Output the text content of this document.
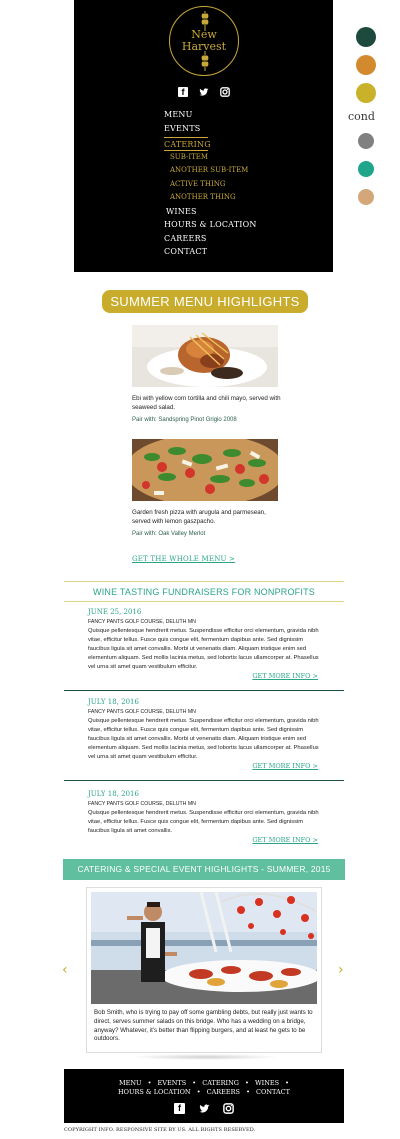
New
Harvest
f
MENU
EVENTS
CATERING
SUB-ITEM
ANOTHER SUB-ITEM
ACTIVE THING
ANOTHER THING
WINES
HOURS & LOCATION
CAREERS
CONTACT
cond
SUMMER MENU HIGHLIGHTS
Ebi with yellow corn tortilla and chili mayo, served with seaweed salad.
Pair with: Sandspring Pinot Grigio 2008
Garden fresh pizza with arugula and parmesean, served with lemon gaszpacho.
Pair with: Oak Valley Merlot
GET THE WHOLE MENU >
WINE TASTING FUNDRAISERS FOR NONPROFITS
JUNE 25, 2016
FANCY PANTS GOLF COURSE, DELUTH MN
Quisque pellentesque hendrerit metus. Suspendisse efficitur orci elementum, gravida nibh vitae, efficitur tellus. Fusce quis congue elit, fermentum dapibus ante. Sed dignissim faucibus ligula sit amet convallis. Morbi ut venenatis diam. Aliquam tristique enim sed elementum aliquam. Sed mollis lacinia metus, sed lobortis lacus ullamcorper at. Phasellus vel urna sit amet quam vestibulum efficitur.
GET MORE INFO >
JULY 18, 2016
FANCY PANTS GOLF COURSE, DELUTH MN
Quisque pellentesque hendrerit metus. Suspendisse efficitur orci elementum, gravida nibh vitae, efficitur tellus. Fusce quis congue elit, fermentum dapibus ante. Sed dignissim faucibus ligula sit amet convallis. Morbi ut venenatis diam. Aliquam tristique enim sed elementum aliquam. Sed mollis lacinia metus, sed lobortis lacus ullamcorper at. Phasellus vel urna sit amet quam vestibulum efficitur.
GET MORE INFO >
JULY 18, 2016
FANCY PANTS GOLF COURSE, DELUTH MN
Quisque pellentesque hendrerit metus. Suspendisse efficitur orci elementum, gravida nibh vitae, efficitur tellus. Fusce quis congue elit, fermentum dapibus ante. Sed dignissim faucibus ligula sit amet convallis.
GET MORE INFO >
CATERING & SPECIAL EVENT HIGHLIGHTS - SUMMER, 2015
‹
Bob Smith, who is trying to pay off some gambling debts, but really just wants to direct, serves summer salads on this bridge. Who has a wedding on a bridge, anyway? Whatever, it's better than flipping burgers, and at least he gets to be outdoors.
›
MENU • EVENTS • CATERING • WINES •
HOURS & LOCATION • CAREERS • CONTACT
f
COPYRIGHT INFO. RESPONSIVE SITE BY US. ALL RIGHTS RESERVED.
